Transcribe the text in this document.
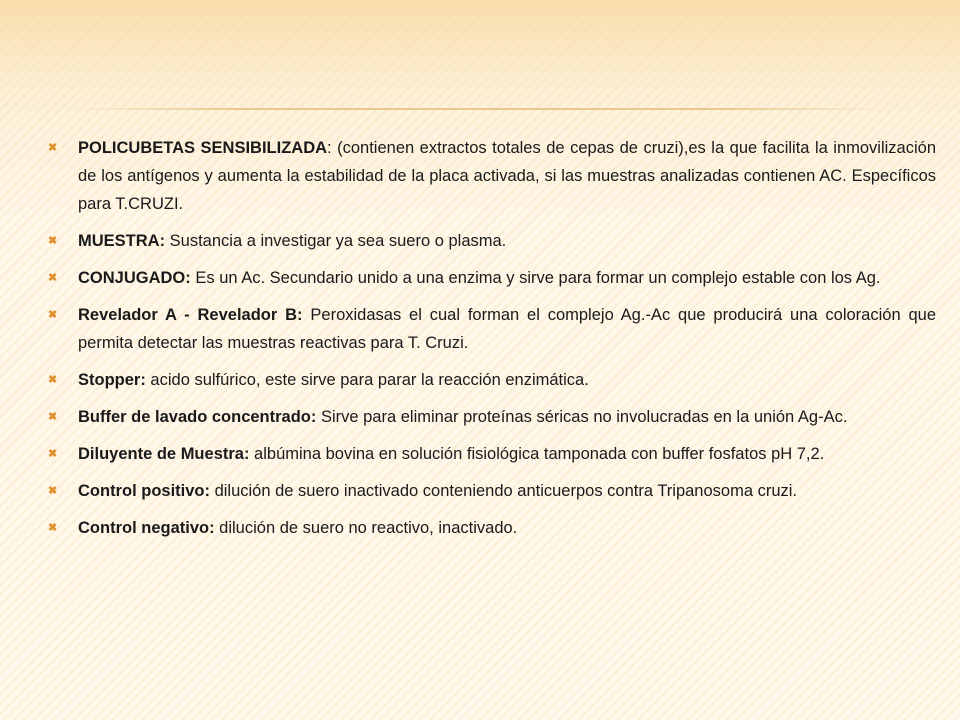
✖	POLICUBETAS SENSIBILIZADA: (contienen extractos totales de cepas de cruzi),es la que facilita la inmovilización de los antígenos y aumenta la estabilidad de la placa activada, si las muestras analizadas contienen AC. Específicos para T.CRUZI.
✖	MUESTRA: Sustancia a investigar ya sea suero o plasma.
✖	CONJUGADO: Es un Ac. Secundario unido a una enzima y sirve para formar un complejo estable con los Ag.
✖	Revelador A - Revelador B: Peroxidasas el cual forman el complejo Ag.-Ac que producirá una coloración que permita detectar las muestras reactivas para T. Cruzi.
✖	Stopper: acido sulfúrico, este sirve para parar la reacción enzimática.
✖	Buffer de lavado concentrado: Sirve para eliminar proteínas séricas no involucradas en la unión Ag-Ac.
✖	Diluyente de Muestra: albúmina bovina en solución fisiológica tamponada con buffer fosfatos pH 7,2.
✖	Control positivo: dilución de suero inactivado conteniendo anticuerpos contra Tripanosoma cruzi.
✖	Control negativo: dilución de suero no reactivo, inactivado.
